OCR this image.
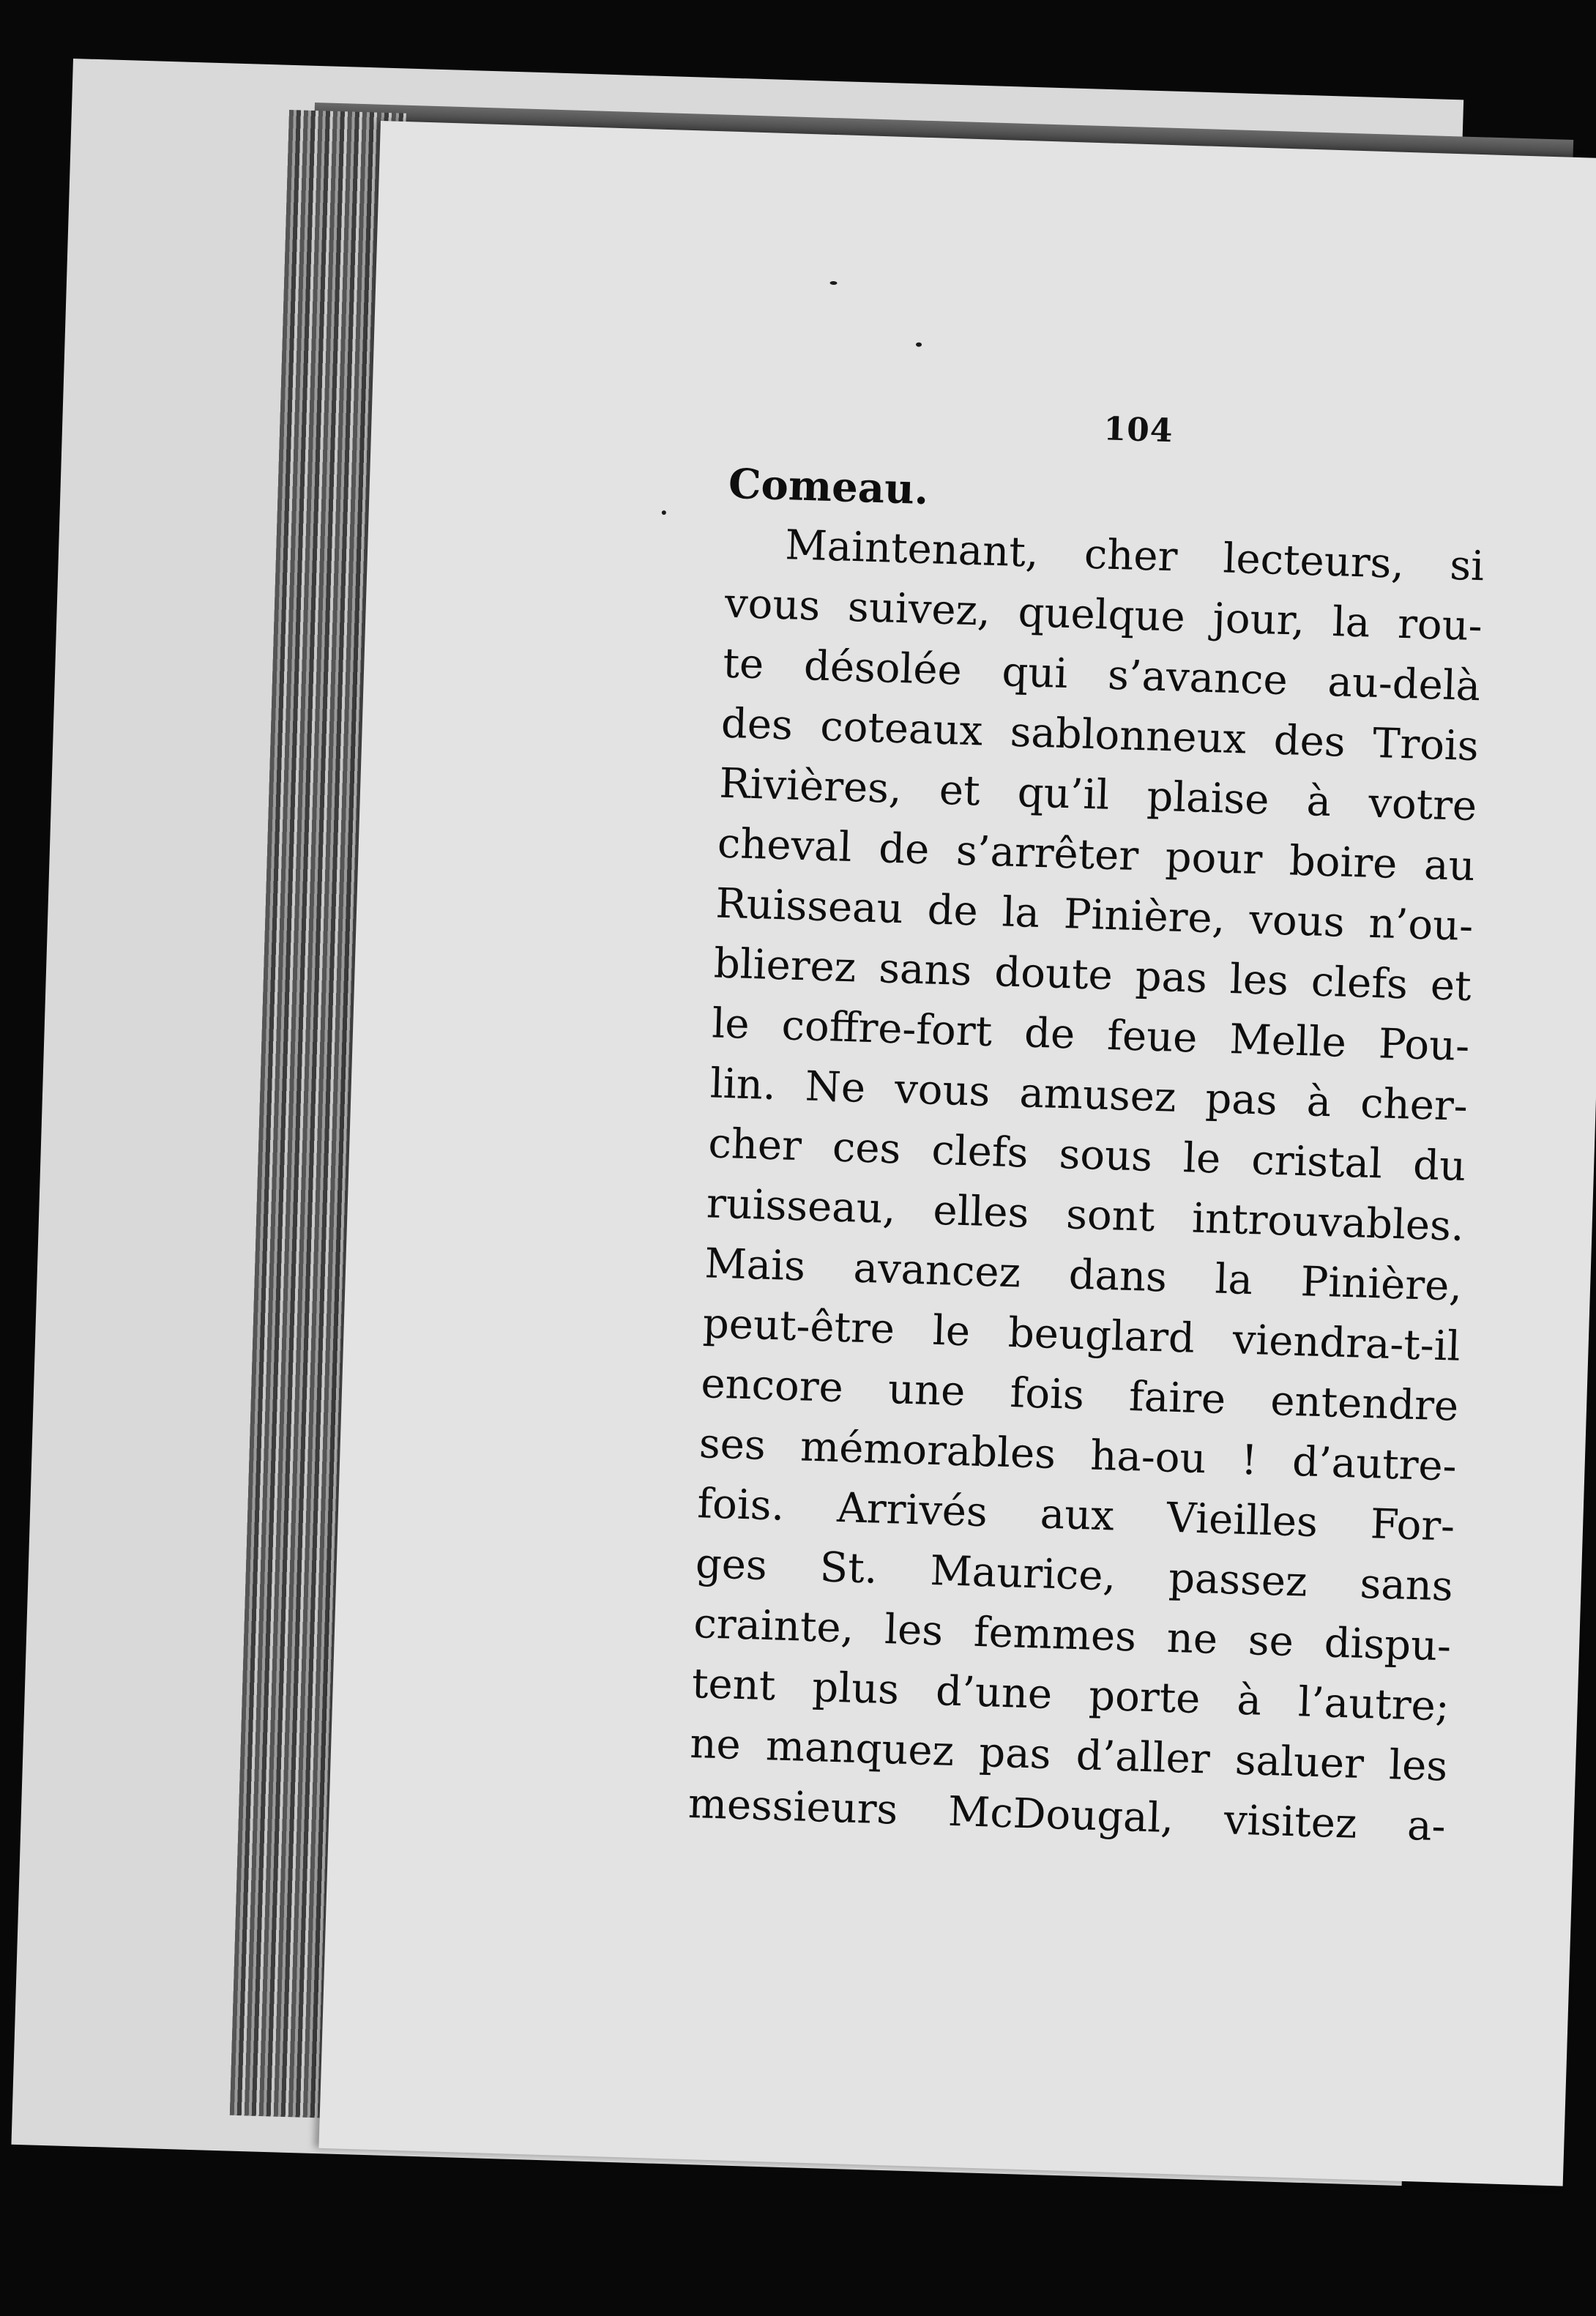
104
Comeau.
Maintenant, cher lecteurs, si
vous suivez, quelque jour, la rou-
te désolée qui s’avance au-delà
des coteaux sablonneux des Trois
Rivières, et qu’il plaise à votre
cheval de s’arrêter pour boire au
Ruisseau de la Pinière, vous n’ou-
blierez sans doute pas les clefs et
le coffre-fort de feue Melle Pou-
lin. Ne vous amusez pas à cher-
cher ces clefs sous le cristal du
ruisseau, elles sont introuvables.
Mais avancez dans la Pinière,
peut-être le beuglard viendra-t-il
encore une fois faire entendre
ses mémorables ha-ou ! d’autre-
fois. Arrivés aux Vieilles For-
ges St. Maurice, passez sans
crainte, les femmes ne se dispu-
tent plus d’une porte à l’autre;
ne manquez pas d’aller saluer les
messieurs McDougal, visitez a-
